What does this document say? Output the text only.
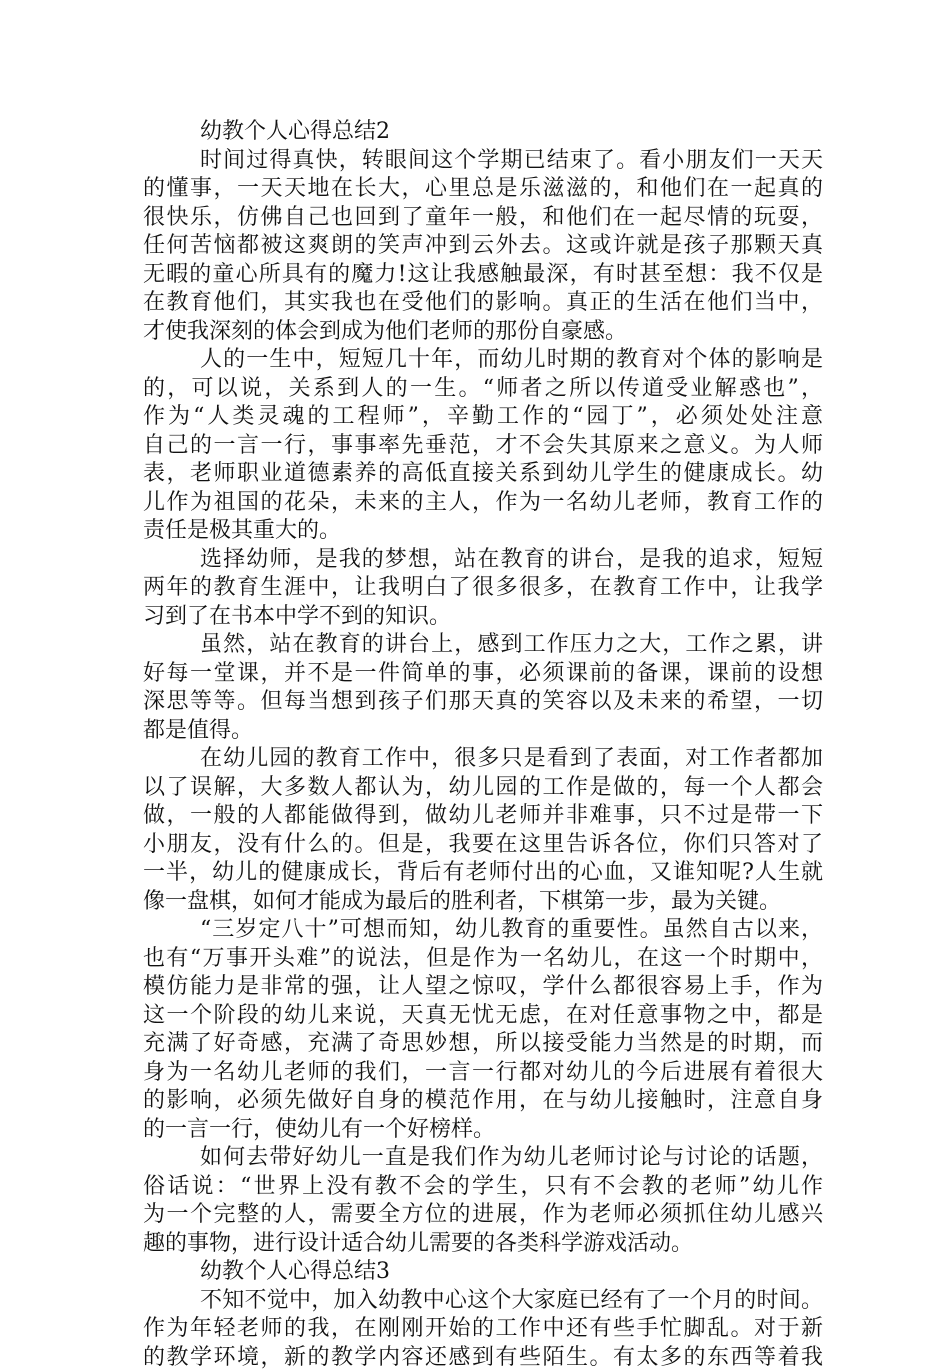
幼教个人心得总结2

时间过得真快，转眼间这个学期已结束了。看小朋友们一天天

的懂事，一天天地在长大，心里总是乐滋滋的，和他们在一起真的

很快乐，仿佛自己也回到了童年一般，和他们在一起尽情的玩耍，

任何苦恼都被这爽朗的笑声冲到云外去。这或许就是孩子那颗天真

无暇的童心所具有的魔力!这让我感触最深，有时甚至想：我不仅是

在教育他们，其实我也在受他们的影响。真正的生活在他们当中，

才使我深刻的体会到成为他们老师的那份自豪感。

人的一生中，短短几十年，而幼儿时期的教育对个体的影响是

的，可以说，关系到人的一生。“师者之所以传道受业解惑也”，

作为“人类灵魂的工程师”，辛勤工作的“园丁”，必须处处注意

自己的一言一行，事事率先垂范，才不会失其原来之意义。为人师

表，老师职业道德素养的高低直接关系到幼儿学生的健康成长。幼

儿作为祖国的花朵，未来的主人，作为一名幼儿老师，教育工作的

责任是极其重大的。

选择幼师，是我的梦想，站在教育的讲台，是我的追求，短短

两年的教育生涯中，让我明白了很多很多，在教育工作中，让我学

习到了在书本中学不到的知识。

虽然，站在教育的讲台上，感到工作压力之大，工作之累，讲

好每一堂课，并不是一件简单的事，必须课前的备课，课前的设想

深思等等。但每当想到孩子们那天真的笑容以及未来的希望，一切

都是值得。

在幼儿园的教育工作中，很多只是看到了表面，对工作者都加

以了误解，大多数人都认为，幼儿园的工作是做的，每一个人都会

做，一般的人都能做得到，做幼儿老师并非难事，只不过是带一下

小朋友，没有什么的。但是，我要在这里告诉各位，你们只答对了

一半，幼儿的健康成长，背后有老师付出的心血，又谁知呢?人生就

像一盘棋，如何才能成为最后的胜利者，下棋第一步，最为关键。

“三岁定八十”可想而知，幼儿教育的重要性。虽然自古以来，

也有“万事开头难”的说法，但是作为一名幼儿，在这一个时期中，

模仿能力是非常的强，让人望之惊叹，学什么都很容易上手，作为

这一个阶段的幼儿来说，天真无忧无虑，在对任意事物之中，都是

充满了好奇感，充满了奇思妙想，所以接受能力当然是的时期，而

身为一名幼儿老师的我们，一言一行都对幼儿的今后进展有着很大

的影响，必须先做好自身的模范作用，在与幼儿接触时，注意自身

的一言一行，使幼儿有一个好榜样。

如何去带好幼儿一直是我们作为幼儿老师讨论与讨论的话题，

俗话说：“世界上没有教不会的学生，只有不会教的老师”幼儿作

为一个完整的人，需要全方位的进展，作为老师必须抓住幼儿感兴

趣的事物，进行设计适合幼儿需要的各类科学游戏活动。

幼教个人心得总结3

不知不觉中，加入幼教中心这个大家庭已经有了一个月的时间。

作为年轻老师的我，在刚刚开始的工作中还有些手忙脚乱。对于新

的教学环境，新的教学内容还感到有些陌生。有太多的东西等着我
